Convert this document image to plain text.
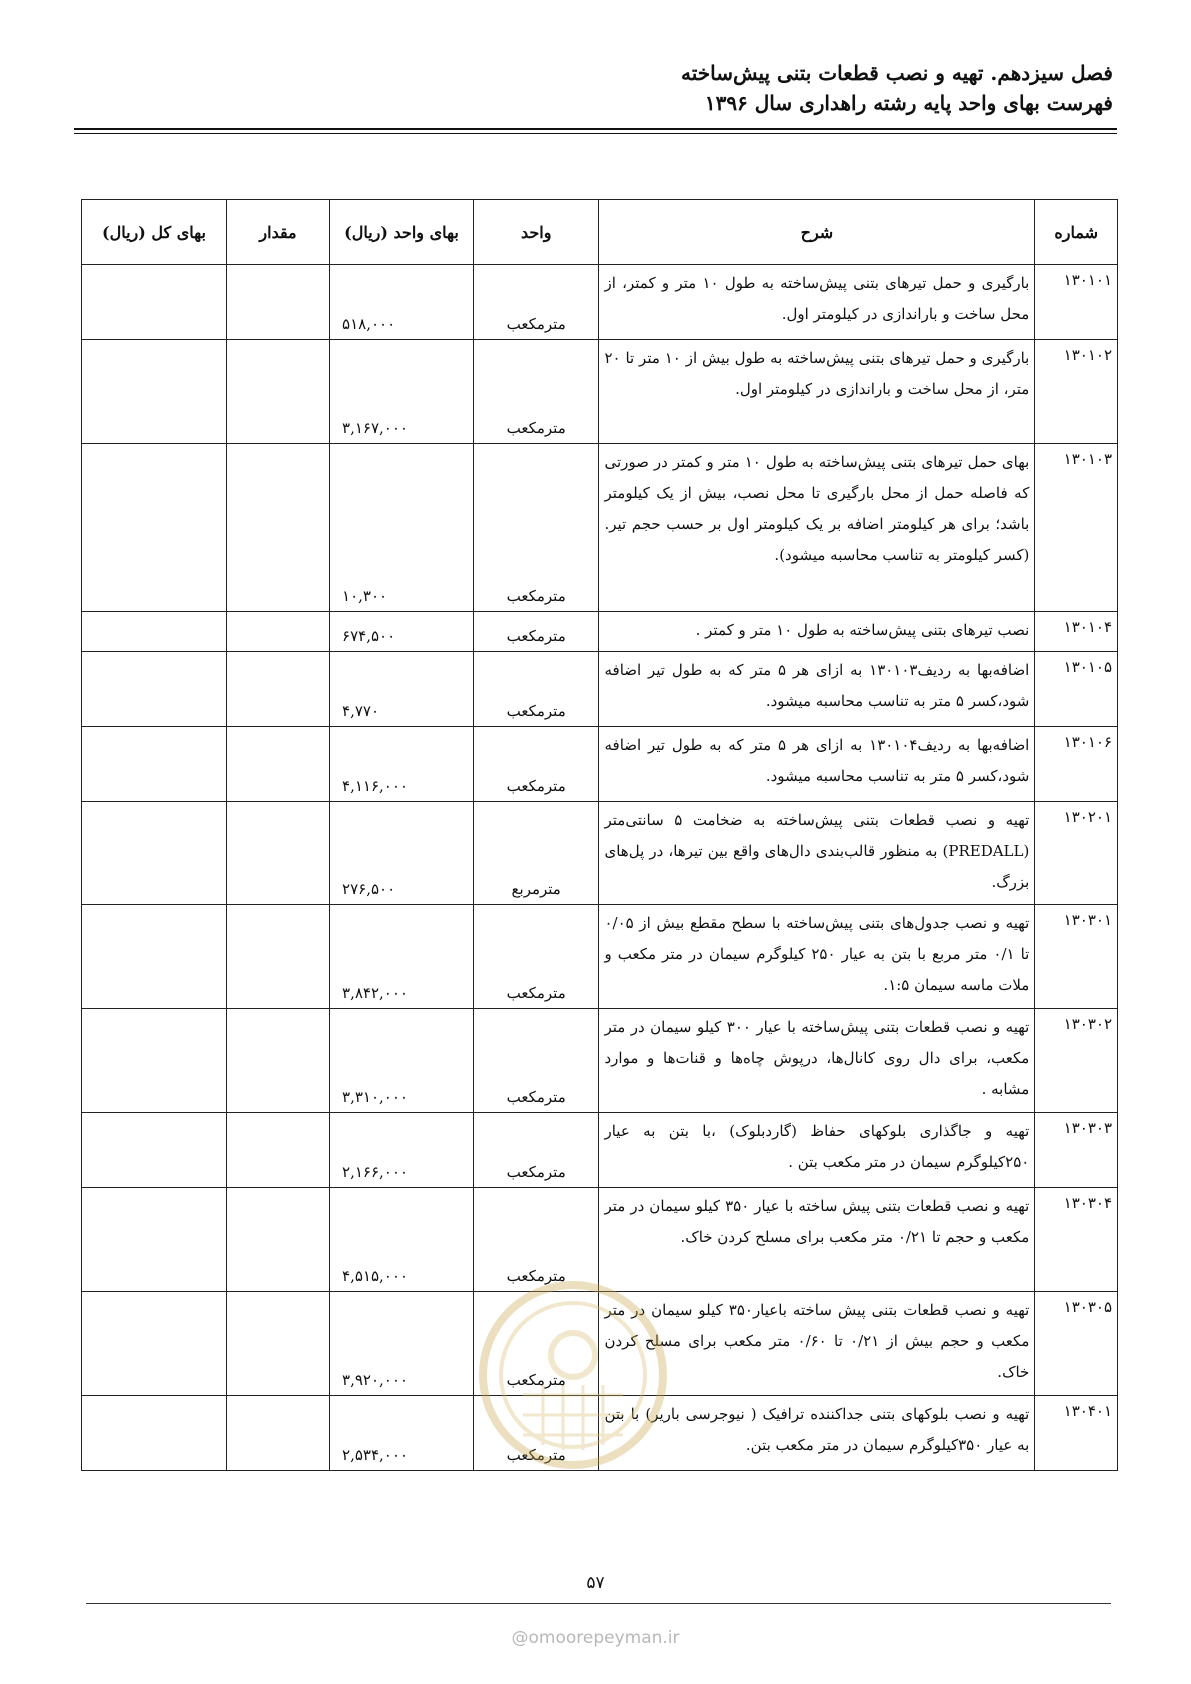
فصل سیزدهم. تهیه و نصب قطعات بتنی پیش‌ساخته
فهرست بهای واحد پایه رشته راهداری سال ۱۳۹۶
شماره	شرح	واحد	بهای واحد (ریال)	مقدار	بهای کل (ریال)
۱۳۰۱۰۱	بارگیری و حمل تیرهای بتنی پیش‌ساخته به طول ۱۰ متر و کمتر، از محل ساخت و باراندازی در کیلومتر اول.	مترمکعب	۵۱۸,۰۰۰		
۱۳۰۱۰۲	بارگیری و حمل تیرهای بتنی پیش‌ساخته به طول بیش از ۱۰ متر تا ۲۰ متر، از محل ساخت و باراندازی در کیلومتر اول.	مترمکعب	۳,۱۶۷,۰۰۰		
۱۳۰۱۰۳	بهای حمل تیرهای بتنی پیش‌ساخته به طول ۱۰ متر و کمتر در صورتی که فاصله حمل از محل بارگیری تا محل نصب، بیش از یک کیلومتر باشد؛ برای هر کیلومتر اضافه بر یک کیلومتر اول بر حسب حجم تیر. (کسر کیلومتر به تناسب محاسبه میشود).	مترمکعب	۱۰,۳۰۰		
۱۳۰۱۰۴	نصب تیرهای بتنی پیش‌ساخته به طول ۱۰ متر و کمتر .	مترمکعب	۶۷۴,۵۰۰		
۱۳۰۱۰۵	اضافه‌بها به ردیف۱۳۰۱۰۳ به ازای هر ۵ متر که به طول تیر اضافه شود،کسر ۵ متر به تناسب محاسبه میشود.	مترمکعب	۴,۷۷۰		
۱۳۰۱۰۶	اضافه‌بها به ردیف۱۳۰۱۰۴ به ازای هر ۵ متر که به طول تیر اضافه شود،کسر ۵ متر به تناسب محاسبه میشود.	مترمکعب	۴,۱۱۶,۰۰۰		
۱۳۰۲۰۱	تهیه و نصب قطعات بتنی پیش‌ساخته به ضخامت ۵ سانتی‌متر (PREDALL) به منظور قالب‌بندی دال‌های واقع بین تیرها، در پل‌های بزرگ.	مترمربع	۲۷۶,۵۰۰		
۱۳۰۳۰۱	تهیه و نصب جدول‌های بتنی پیش‌ساخته با سطح مقطع بیش از ۰/۰۵ تا ۰/۱ متر مربع با بتن به عیار ۲۵۰ کیلوگرم سیمان در متر مکعب و ملات ماسه سیمان ۱:۵.	مترمکعب	۳,۸۴۲,۰۰۰		
۱۳۰۳۰۲	تهیه و نصب قطعات بتنی پیش‌ساخته با عیار ۳۰۰ کیلو سیمان در متر مکعب، برای دال روی کانال‌ها، درپوش چاه‌ها و قنات‌ها و موارد مشابه .	مترمکعب	۳,۳۱۰,۰۰۰		
۱۳۰۳۰۳	تهیه و جاگذاری بلوکهای حفاظ (گاردبلوک) ،با بتن به عیار ۲۵۰کیلوگرم سیمان در متر مکعب بتن .	مترمکعب	۲,۱۶۶,۰۰۰		
۱۳۰۳۰۴	تهیه و نصب قطعات بتنی پیش ساخته با عیار ۳۵۰ کیلو سیمان در متر مکعب و حجم تا ۰/۲۱ متر مکعب برای مسلح کردن خاک.	مترمکعب	۴,۵۱۵,۰۰۰		
۱۳۰۳۰۵	تهیه و نصب قطعات بتنی پیش ساخته باعیار۳۵۰ کیلو سیمان در متر مکعب و حجم بیش از ۰/۲۱ تا ۰/۶۰ متر مکعب برای مسلح کردن خاک.	مترمکعب	۳,۹۲۰,۰۰۰		
۱۳۰۴۰۱	تهیه و نصب بلوکهای بتنی جداکننده ترافیک ( نیوجرسی باریر) با بتن به عیار ۳۵۰کیلوگرم سیمان در متر مکعب بتن.	مترمکعب	۲,۵۳۴,۰۰۰		
۵۷
@omoorepeyman.ir
